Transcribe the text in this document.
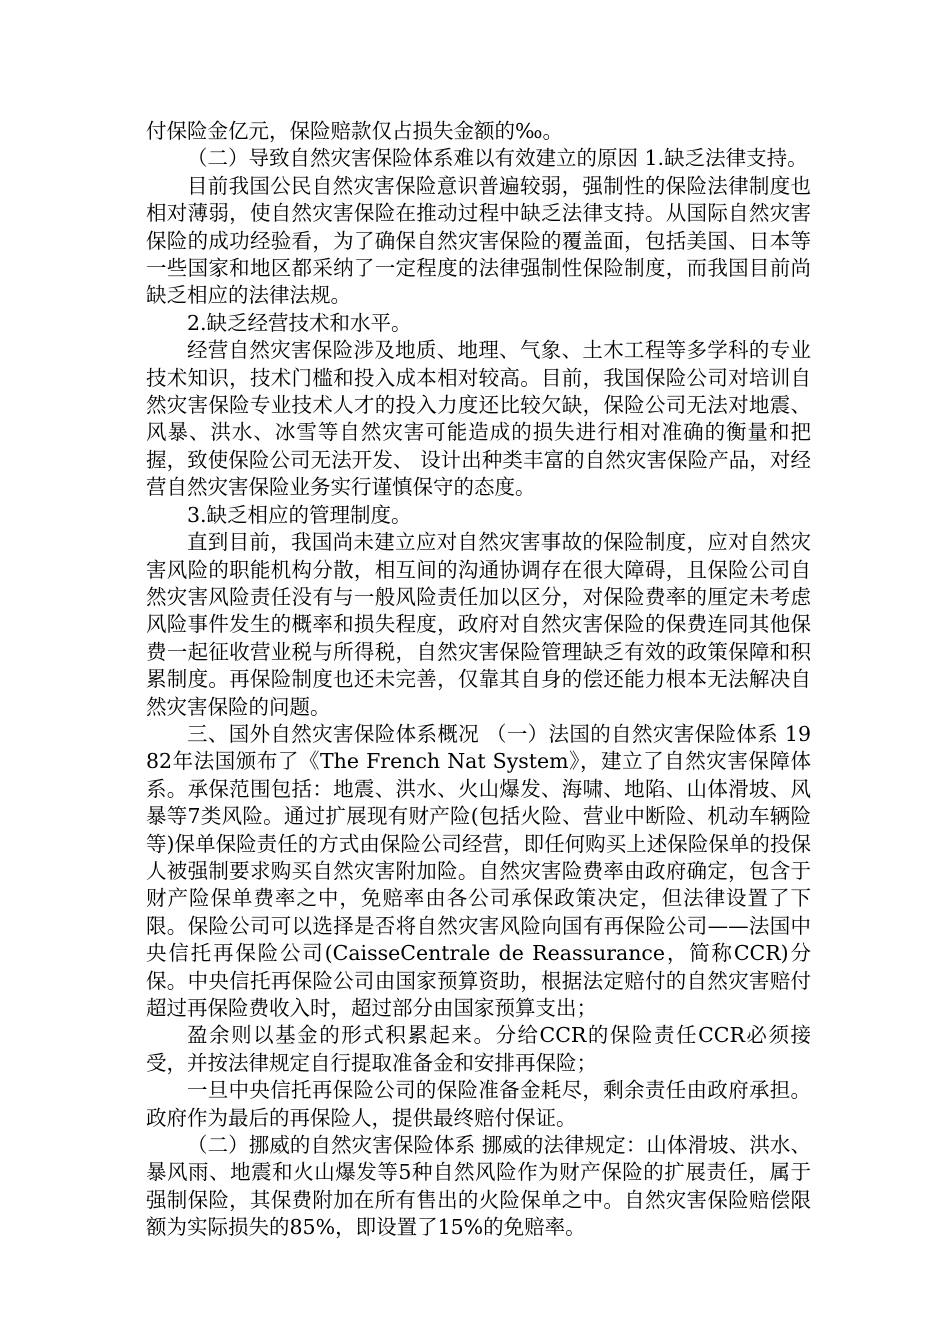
付保险金亿元，保险赔款仅占损失金额的‰。

（二）导致自然灾害保险体系难以有效建立的原因 1.缺乏法律支持。

目前我国公民自然灾害保险意识普遍较弱，强制性的保险法律制度也相对薄弱，使自然灾害保险在推动过程中缺乏法律支持。从国际自然灾害保险的成功经验看，为了确保自然灾害保险的覆盖面，包括美国、日本等一些国家和地区都采纳了一定程度的法律强制性保险制度，而我国目前尚缺乏相应的法律法规。

2.缺乏经营技术和水平。

经营自然灾害保险涉及地质、地理、气象、土木工程等多学科的专业技术知识，技术门槛和投入成本相对较高。目前，我国保险公司对培训自然灾害保险专业技术人才的投入力度还比较欠缺，保险公司无法对地震、风暴、洪水、冰雪等自然灾害可能造成的损失进行相对准确的衡量和把握，致使保险公司无法开发、 设计出种类丰富的自然灾害保险产品，对经营自然灾害保险业务实行谨慎保守的态度。

3.缺乏相应的管理制度。

直到目前，我国尚未建立应对自然灾害事故的保险制度，应对自然灾害风险的职能机构分散，相互间的沟通协调存在很大障碍，且保险公司自然灾害风险责任没有与一般风险责任加以区分，对保险费率的厘定未考虑风险事件发生的概率和损失程度，政府对自然灾害保险的保费连同其他保费一起征收营业税与所得税，自然灾害保险管理缺乏有效的政策保障和积累制度。再保险制度也还未完善，仅靠其自身的偿还能力根本无法解决自然灾害保险的问题。

三、国外自然灾害保险体系概况 （一）法国的自然灾害保险体系 1982年法国颁布了《The French Nat System》，建立了自然灾害保障体系。承保范围包括：地震、洪水、火山爆发、海啸、地陷、山体滑坡、风暴等7类风险。通过扩展现有财产险(包括火险、营业中断险、机动车辆险等)保单保险责任的方式由保险公司经营，即任何购买上述保险保单的投保人被强制要求购买自然灾害附加险。自然灾害险费率由政府确定，包含于财产险保单费率之中，免赔率由各公司承保政策决定，但法律设置了下限。保险公司可以选择是否将自然灾害风险向国有再保险公司——法国中央信托再保险公司(CaisseCentrale de Reassurance，简称CCR)分保。中央信托再保险公司由国家预算资助，根据法定赔付的自然灾害赔付超过再保险费收入时，超过部分由国家预算支出；

盈余则以基金的形式积累起来。分给CCR的保险责任CCR必须接受，并按法律规定自行提取准备金和安排再保险；

一旦中央信托再保险公司的保险准备金耗尽，剩余责任由政府承担。政府作为最后的再保险人，提供最终赔付保证。

（二）挪威的自然灾害保险体系 挪威的法律规定：山体滑坡、洪水、暴风雨、地震和火山爆发等5种自然风险作为财产保险的扩展责任，属于强制保险，其保费附加在所有售出的火险保单之中。自然灾害保险赔偿限额为实际损失的85%，即设置了15%的免赔率。
